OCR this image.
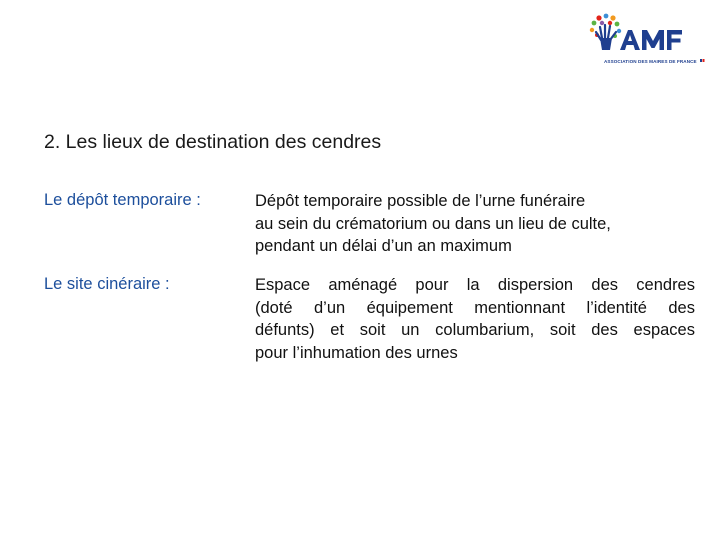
ASSOCIATION DES MAIRES DE FRANCE
2. Les lieux de destination des cendres
Le dépôt temporaire :	Dépôt temporaire possible de l’urne funéraire
au sein du crématorium ou dans un lieu de culte,
pendant un délai d’un an maximum
Le site cinéraire :	Espace aménagé pour la dispersion des cendres
(doté d’un équipement mentionnant l’identité des
défunts) et soit un columbarium, soit des espaces
pour l’inhumation des urnes
